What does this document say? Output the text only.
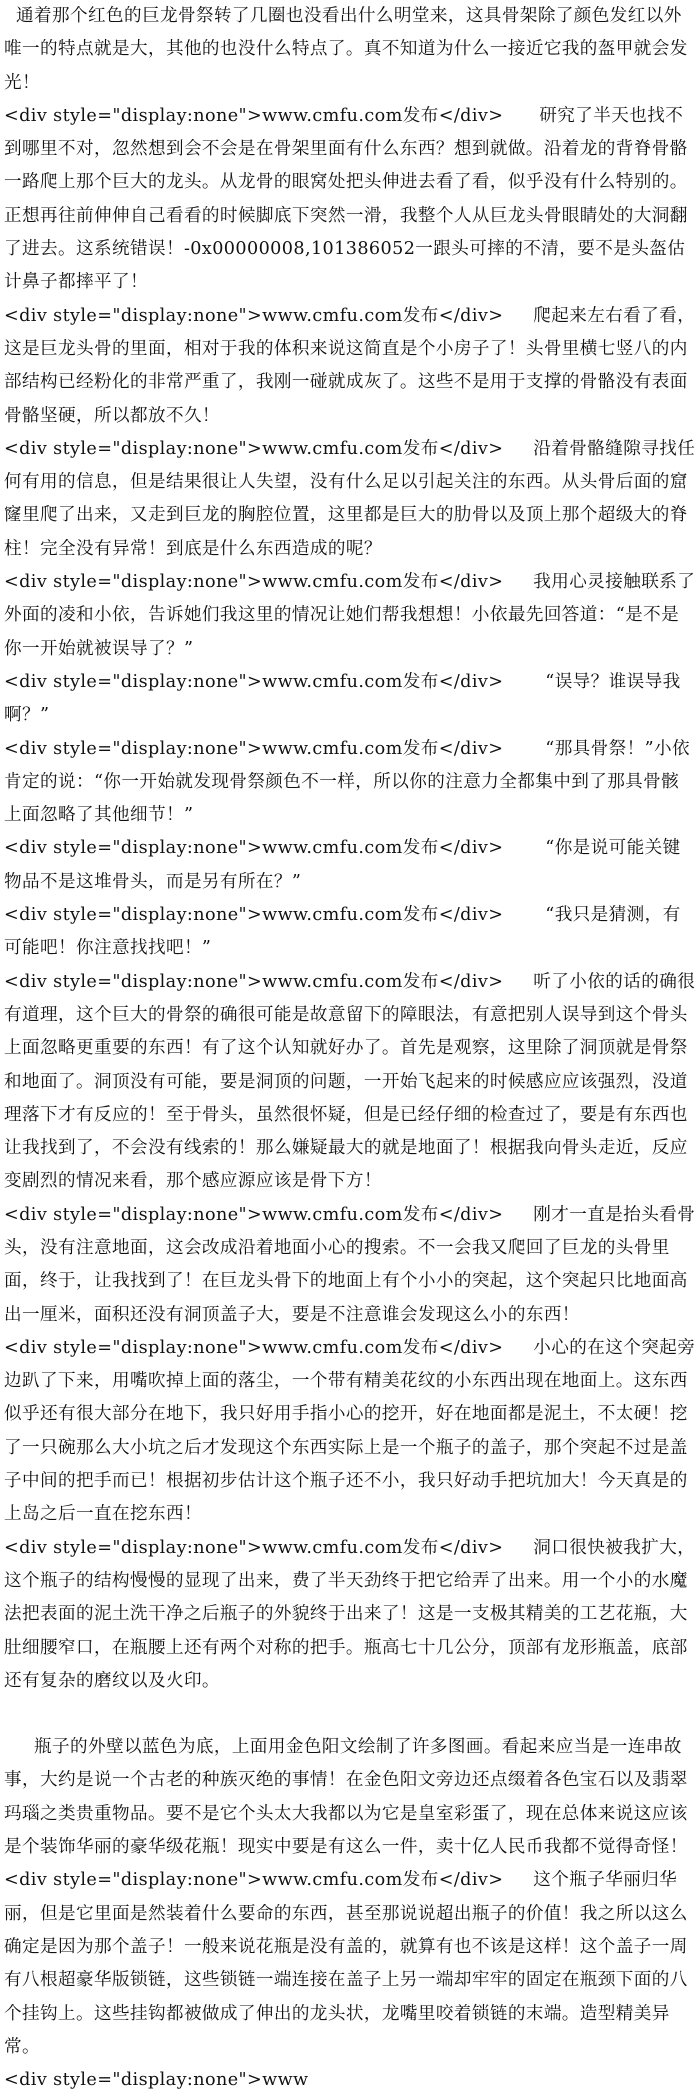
通着那个红色的巨龙骨祭转了几圈也没看出什么明堂来，这具骨架除了颜色发红以外唯一的特点就是大，其他的也没什么特点了。真不知道为什么一接近它我的盔甲就会发光！

<div style="display:none">www.cmfu.com发布</div>      研究了半天也找不到哪里不对，忽然想到会不会是在骨架里面有什么东西？想到就做。沿着龙的背脊骨骼一路爬上那个巨大的龙头。从龙骨的眼窝处把头伸进去看了看，似乎没有什么特别的。正想再往前伸伸自己看看的时候脚底下突然一滑，我整个人从巨龙头骨眼睛处的大洞翻了进去。这系统错误！-0x00000008,101386052一跟头可摔的不清，要不是头盔估计鼻子都摔平了！

<div style="display:none">www.cmfu.com发布</div>     爬起来左右看了看，这是巨龙头骨的里面，相对于我的体积来说这简直是个小房子了！头骨里横七竖八的内部结构已经粉化的非常严重了，我刚一碰就成灰了。这些不是用于支撑的骨骼没有表面骨骼坚硬，所以都放不久！

<div style="display:none">www.cmfu.com发布</div>     沿着骨骼缝隙寻找任何有用的信息，但是结果很让人失望，没有什么足以引起关注的东西。从头骨后面的窟窿里爬了出来，又走到巨龙的胸腔位置，这里都是巨大的肋骨以及顶上那个超级大的脊柱！完全没有异常！到底是什么东西造成的呢？

<div style="display:none">www.cmfu.com发布</div>     我用心灵接触联系了外面的凌和小依，告诉她们我这里的情况让她们帮我想想！小依最先回答道：“是不是你一开始就被误导了？”

<div style="display:none">www.cmfu.com发布</div>       “误导？谁误导我啊？”

<div style="display:none">www.cmfu.com发布</div>       “那具骨祭！”小依肯定的说：“你一开始就发现骨祭颜色不一样，所以你的注意力全都集中到了那具骨骸上面忽略了其他细节！”

<div style="display:none">www.cmfu.com发布</div>       “你是说可能关键物品不是这堆骨头，而是另有所在？”

<div style="display:none">www.cmfu.com发布</div>       “我只是猜测，有可能吧！你注意找找吧！”

<div style="display:none">www.cmfu.com发布</div>     听了小依的话的确很有道理，这个巨大的骨祭的确很可能是故意留下的障眼法，有意把别人误导到这个骨头上面忽略更重要的东西！有了这个认知就好办了。首先是观察，这里除了洞顶就是骨祭和地面了。洞顶没有可能，要是洞顶的问题，一开始飞起来的时候感应应该强烈，没道理落下才有反应的！至于骨头，虽然很怀疑，但是已经仔细的检查过了，要是有东西也让我找到了，不会没有线索的！那么嫌疑最大的就是地面了！根据我向骨头走近，反应变剧烈的情况来看，那个感应源应该是骨下方！

<div style="display:none">www.cmfu.com发布</div>     刚才一直是抬头看骨头，没有注意地面，这会改成沿着地面小心的搜索。不一会我又爬回了巨龙的头骨里面，终于，让我找到了！在巨龙头骨下的地面上有个小小的突起，这个突起只比地面高出一厘米，面积还没有洞顶盖子大，要是不注意谁会发现这么小的东西！

<div style="display:none">www.cmfu.com发布</div>     小心的在这个突起旁边趴了下来，用嘴吹掉上面的落尘，一个带有精美花纹的小东西出现在地面上。这东西似乎还有很大部分在地下，我只好用手指小心的挖开，好在地面都是泥土，不太硬！挖了一只碗那么大小坑之后才发现这个东西实际上是一个瓶子的盖子，那个突起不过是盖子中间的把手而已！根据初步估计这个瓶子还不小，我只好动手把坑加大！今天真是的上岛之后一直在挖东西！

<div style="display:none">www.cmfu.com发布</div>     洞口很快被我扩大，这个瓶子的结构慢慢的显现了出来，费了半天劲终于把它给弄了出来。用一个小的水魔法把表面的泥土洗干净之后瓶子的外貌终于出来了！这是一支极其精美的工艺花瓶，大肚细腰窄口，在瓶腰上还有两个对称的把手。瓶高七十几公分，顶部有龙形瓶盖，底部还有复杂的磨纹以及火印。

瓶子的外壁以蓝色为底，上面用金色阳文绘制了许多图画。看起来应当是一连串故事，大约是说一个古老的种族灭绝的事情！在金色阳文旁边还点缀着各色宝石以及翡翠玛瑙之类贵重物品。要不是它个头太大我都以为它是皇室彩蛋了，现在总体来说这应该是个装饰华丽的豪华级花瓶！现实中要是有这么一件，卖十亿人民币我都不觉得奇怪！

<div style="display:none">www.cmfu.com发布</div>     这个瓶子华丽归华丽，但是它里面是然装着什么要命的东西，甚至那说说超出瓶子的价值！我之所以这么确定是因为那个盖子！一般来说花瓶是没有盖的，就算有也不该是这样！这个盖子一周有八根超豪华版锁链，这些锁链一端连接在盖子上另一端却牢牢的固定在瓶颈下面的八个挂钩上。这些挂钩都被做成了伸出的龙头状，龙嘴里咬着锁链的末端。造型精美异常。

<div style="display:none">www
